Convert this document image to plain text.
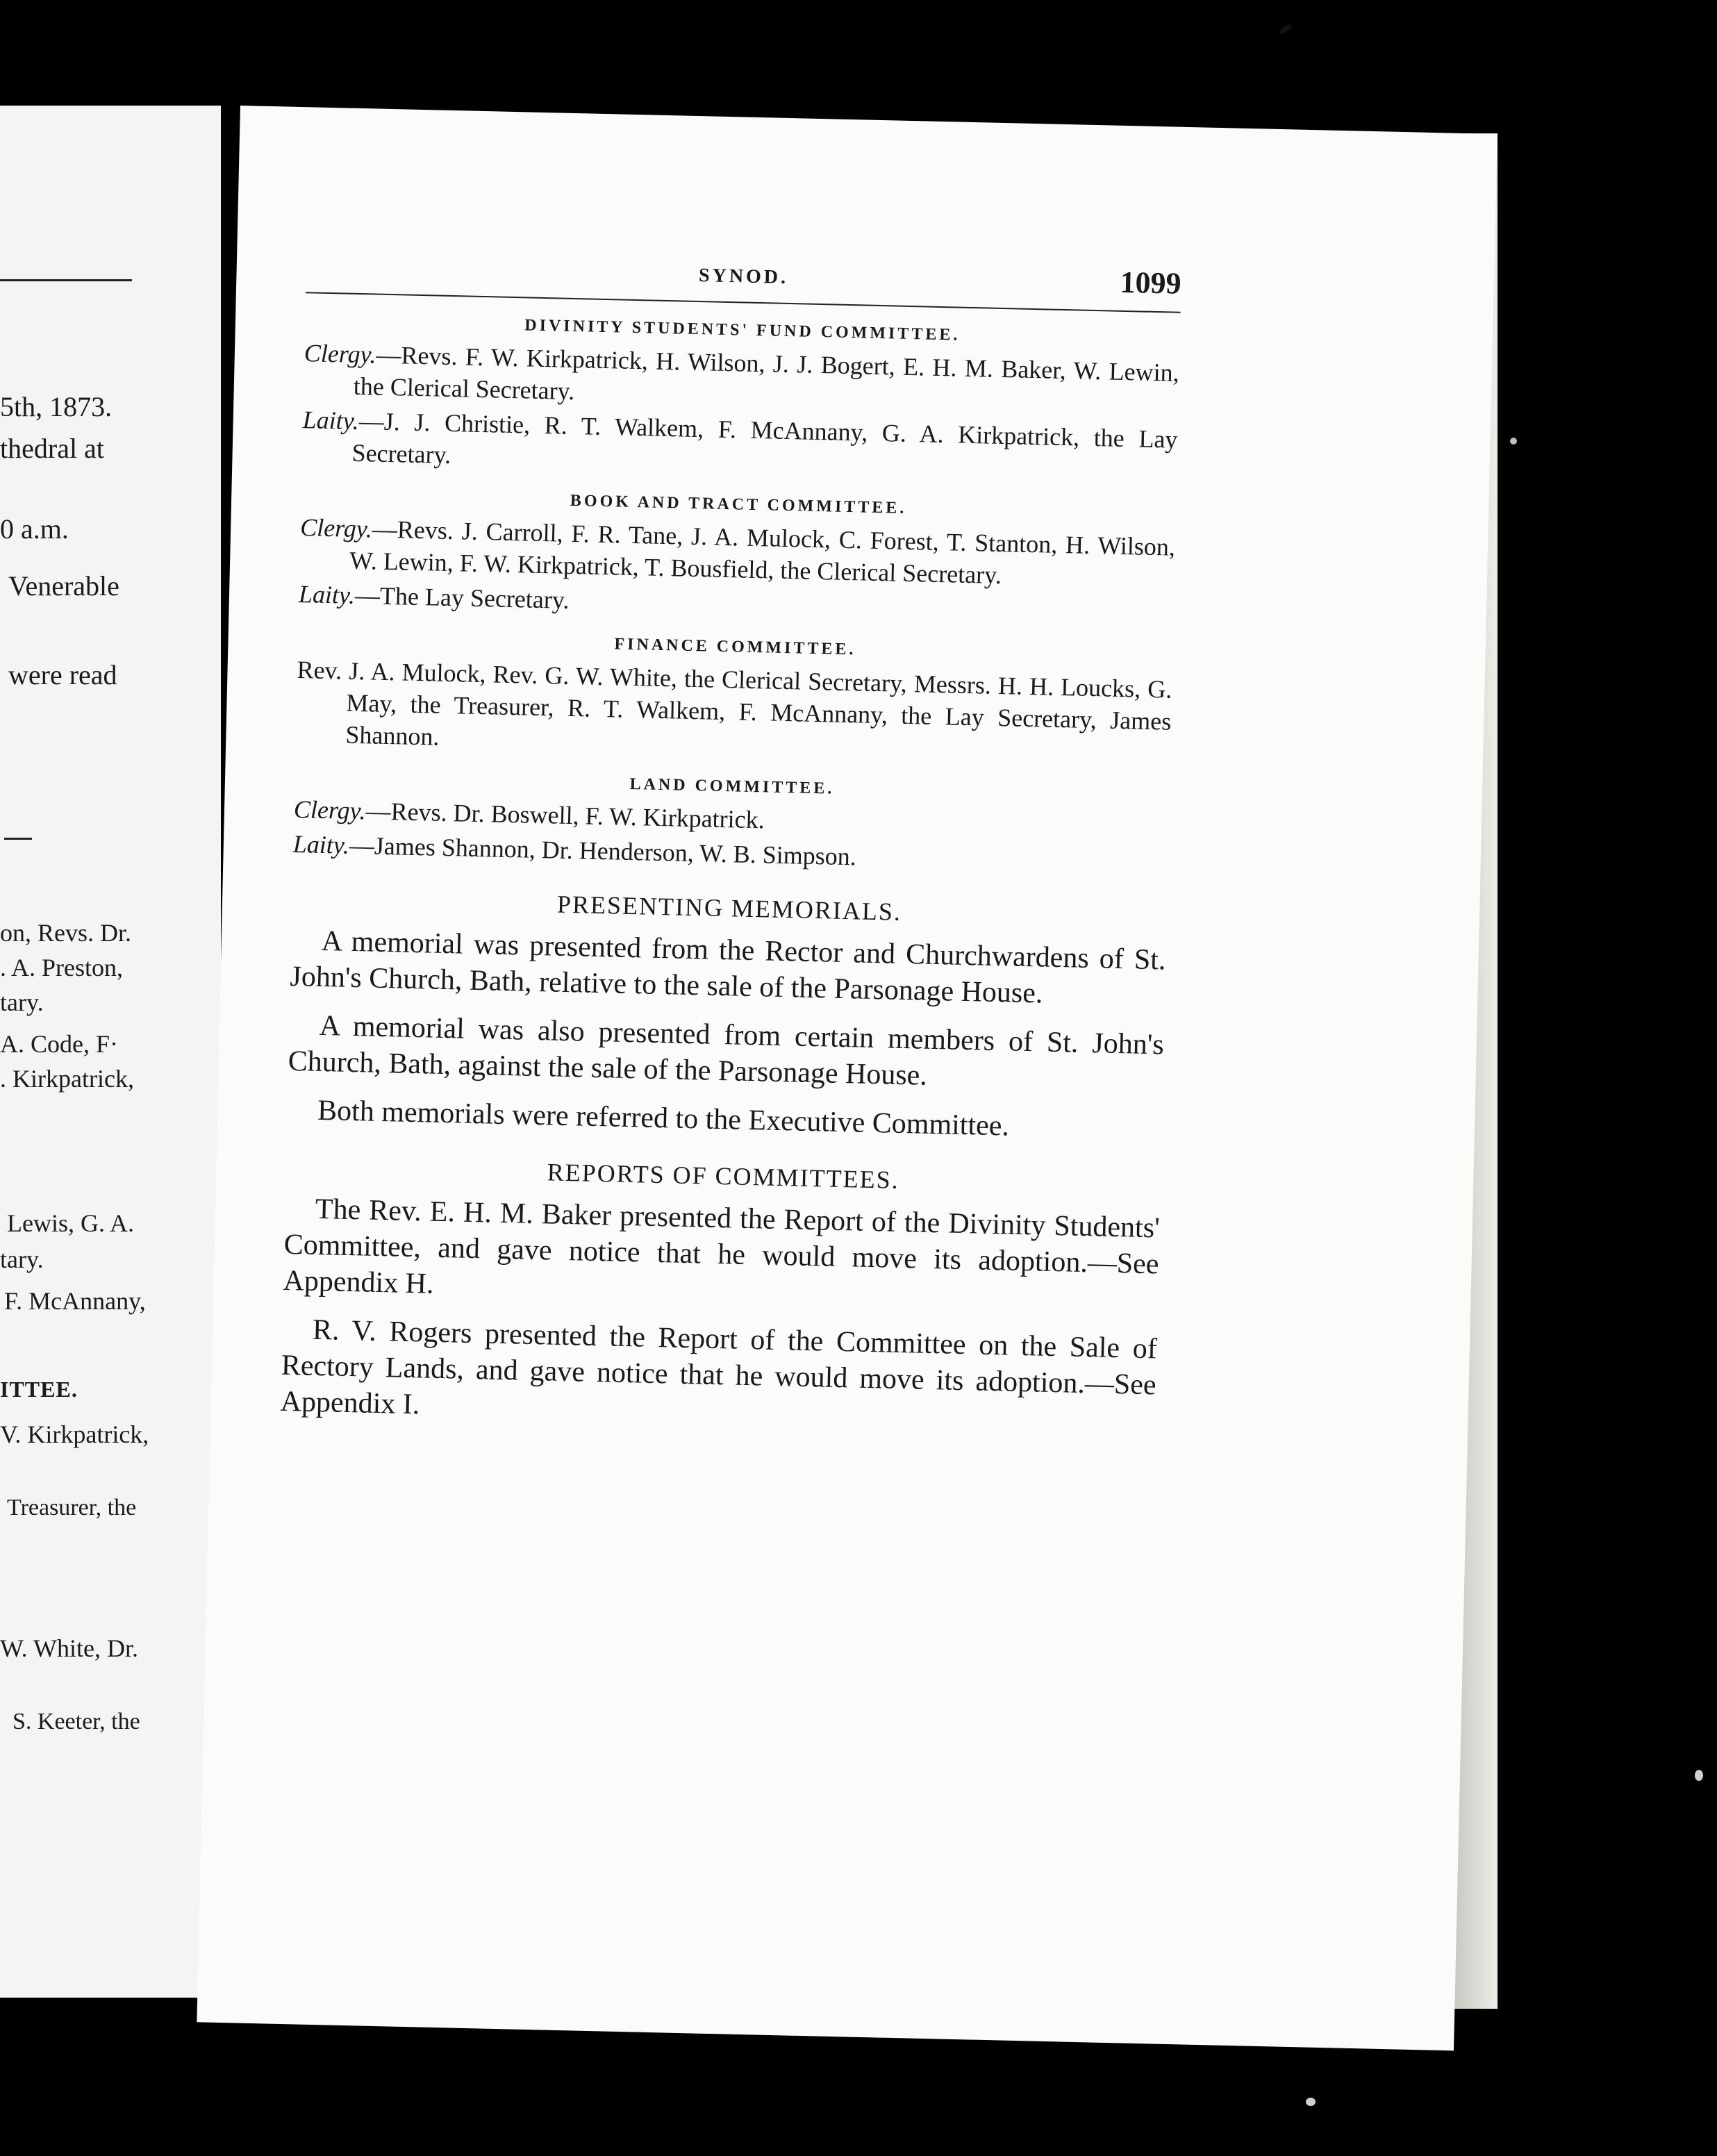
5th, 1873.
thedral at
0 a.m.
Venerable
were read
on, Revs. Dr.
. A. Preston,
tary.
A. Code, F·
. Kirkpatrick,
Lewis, G. A.
tary.
F. McAnnany,
ITTEE.
V. Kirkpatrick,
Treasurer, the
W. White, Dr.
S. Keeter, the
SYNOD.	1099
DIVINITY STUDENTS' FUND COMMITTEE.
Clergy.—Revs. F. W. Kirkpatrick, H. Wilson, J. J. Bogert, E. H. M. Baker, W. Lewin, the Clerical Secretary.
Laity.—J. J. Christie, R. T. Walkem, F. McAnnany, G. A. Kirkpatrick, the Lay Secretary.
BOOK AND TRACT COMMITTEE.
Clergy.—Revs. J. Carroll, F. R. Tane, J. A. Mulock, C. Forest, T. Stanton, H. Wilson, W. Lewin, F. W. Kirkpatrick, T. Bousfield, the Clerical Secretary.
Laity.—The Lay Secretary.
FINANCE COMMITTEE.
Rev. J. A. Mulock, Rev. G. W. White, the Clerical Secretary, Messrs. H. H. Loucks, G. May, the Treasurer, R. T. Walkem, F. McAnnany, the Lay Secretary, James Shannon.
LAND COMMITTEE.
Clergy.—Revs. Dr. Boswell, F. W. Kirkpatrick.
Laity.—James Shannon, Dr. Henderson, W. B. Simpson.
PRESENTING MEMORIALS.

A memorial was presented from the Rector and Churchwardens of St. John's Church, Bath, relative to the sale of the Parsonage House.

A memorial was also presented from certain members of St. John's Church, Bath, against the sale of the Parsonage House.

Both memorials were referred to the Executive Committee.

REPORTS OF COMMITTEES.

The Rev. E. H. M. Baker presented the Report of the Divinity Students' Committee, and gave notice that he would move its adoption.—See Appendix H.

R. V. Rogers presented the Report of the Committee on the Sale of Rectory Lands, and gave notice that he would move its adoption.—See Appendix I.
